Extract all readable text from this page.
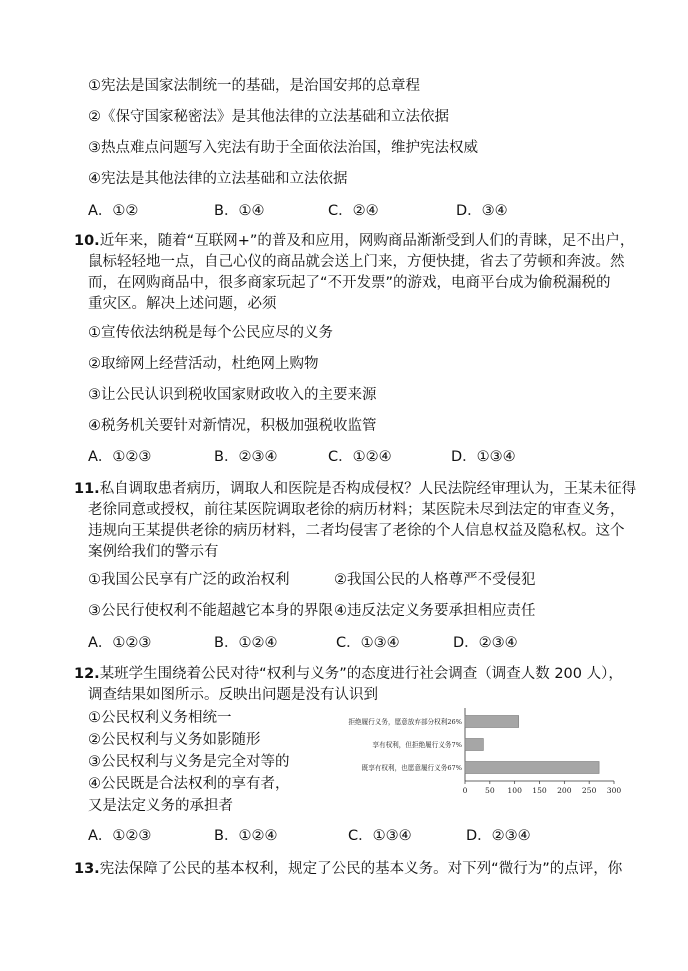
①宪法是国家法制统一的基础，是治国安邦的总章程
②《保守国家秘密法》是其他法律的立法基础和立法依据
③热点难点问题写入宪法有助于全面依法治国，维护宪法权威
④宪法是其他法律的立法基础和立法依据
A．①②	B．①④	C．②④	D．③④
10.近年来，随着“互联网+”的普及和应用，网购商品渐渐受到人们的青睐，足不出户，
鼠标轻轻地一点，自己心仪的商品就会送上门来，方便快捷，省去了劳顿和奔波。然
而，在网购商品中，很多商家玩起了“不开发票”的游戏，电商平台成为偷税漏税的
重灾区。解决上述问题，必须
①宣传依法纳税是每个公民应尽的义务
②取缔网上经营活动，杜绝网上购物
③让公民认识到税收国家财政收入的主要来源
④税务机关要针对新情况，积极加强税收监管
A．①②③	B．②③④	C．①②④	D．①③④
11.私自调取患者病历，调取人和医院是否构成侵权？人民法院经审理认为，王某未征得
老徐同意或授权，前往某医院调取老徐的病历材料；某医院未尽到法定的审查义务，
违规向王某提供老徐的病历材料，二者均侵害了老徐的个人信息权益及隐私权。这个
案例给我们的警示有
①我国公民享有广泛的政治权利	②我国公民的人格尊严不受侵犯
③公民行使权利不能超越它本身的界限 ④违反法定义务要承担相应责任
A．①②③	B．①②④	C．①③④	D．②③④
12.某班学生围绕着公民对待“权利与义务”的态度进行社会调查（调查人数 200 人），
调查结果如图所示。反映出问题是没有认识到
①公民权利义务相统一
②公民权利与义务如影随形
③公民权利与义务是完全对等的
④公民既是合法权利的享有者，
又是法定义务的承担者
拒绝履行义务，愿意放弃部分权利26%
享有权利，但拒绝履行义务7%
既享有权利，也愿意履行义务67%
0 50 100 150 200 250 300
A．①②③	B．①②④	C．①③④	D．②③④
13.宪法保障了公民的基本权利，规定了公民的基本义务。对下列“微行为”的点评，你
